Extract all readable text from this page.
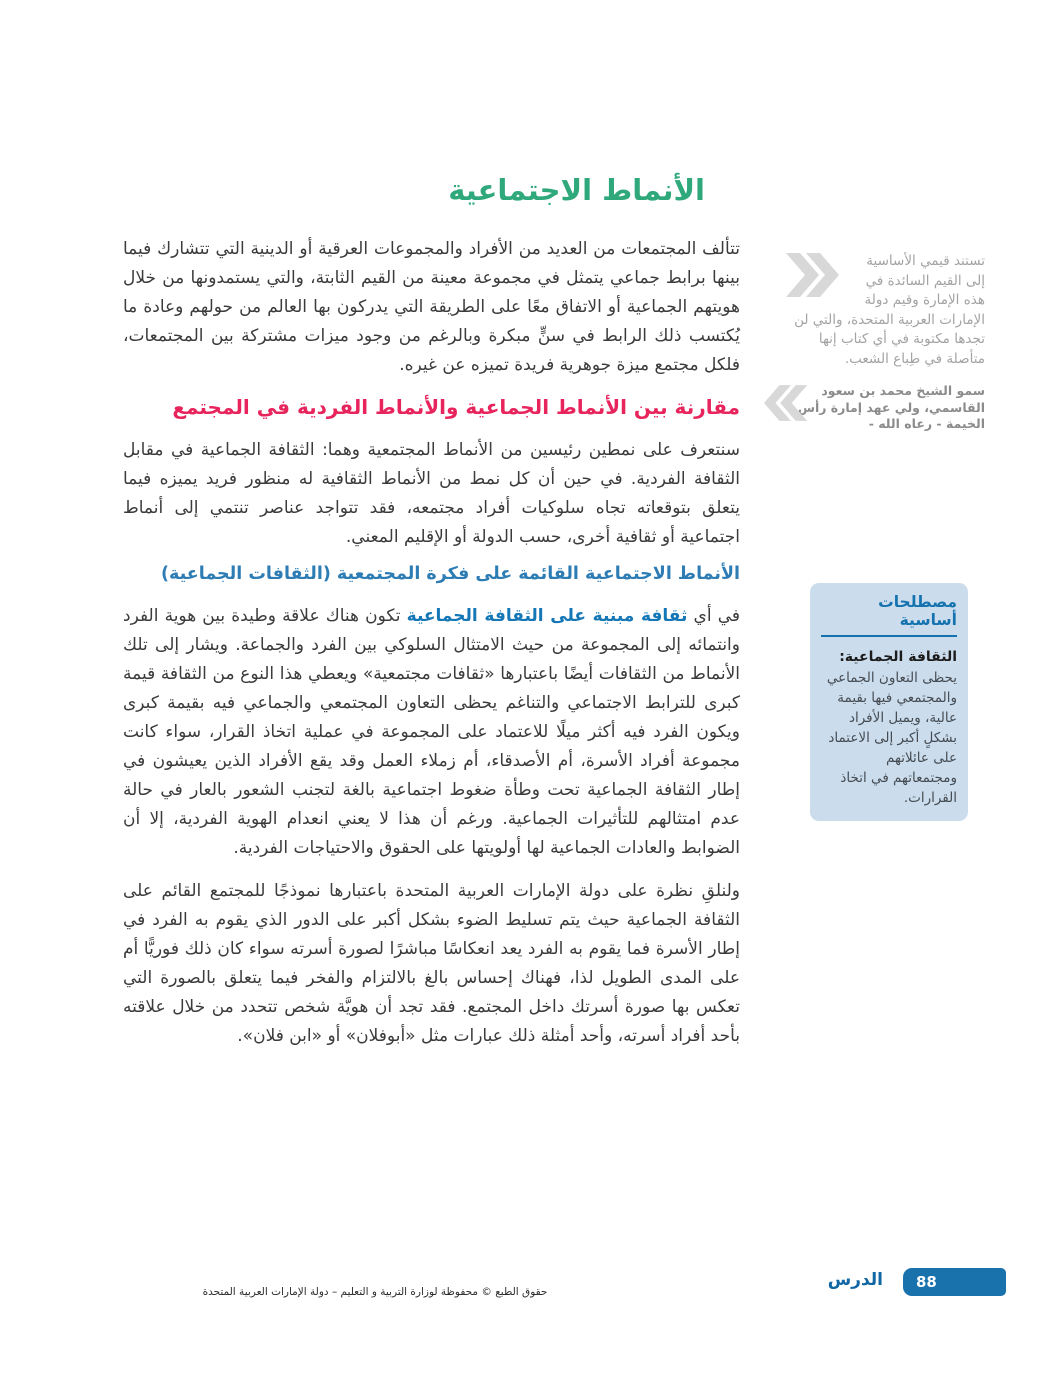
الأنماط الاجتماعية

تتألف المجتمعات من العديد من الأفراد والمجموعات العرقية أو الدينية التي تتشارك فيما بينها برابط جماعي يتمثل في مجموعة معينة من القيم الثابتة، والتي يستمدونها من خلال هويتهم الجماعية أو الاتفاق معًا على الطريقة التي يدركون بها العالم من حولهم وعادة ما يُكتسب ذلك الرابط في سنٍّ مبكرة وبالرغم من وجود ميزات مشتركة بين المجتمعات، فلكل مجتمع ميزة جوهرية فريدة تميزه عن غيره.

مقارنة بين الأنماط الجماعية والأنماط الفردية في المجتمع

سنتعرف على نمطين رئيسين من الأنماط المجتمعية وهما: الثقافة الجماعية في مقابل الثقافة الفردية. في حين أن كل نمط من الأنماط الثقافية له منظور فريد يميزه فيما يتعلق بتوقعاته تجاه سلوكيات أفراد مجتمعه، فقد تتواجد عناصر تنتمي إلى أنماط اجتماعية أو ثقافية أخرى، حسب الدولة أو الإقليم المعني.

الأنماط الاجتماعية القائمة على فكرة المجتمعية (الثقافات الجماعية)

في أي ثقافة مبنية على الثقافة الجماعية تكون هناك علاقة وطيدة بين هوية الفرد وانتمائه إلى المجموعة من حيث الامتثال السلوكي بين الفرد والجماعة. ويشار إلى تلك الأنماط من الثقافات أيضًا باعتبارها «ثقافات مجتمعية» ويعطي هذا النوع من الثقافة قيمة كبرى للترابط الاجتماعي والتناغم يحظى التعاون المجتمعي والجماعي فيه بقيمة كبرى ويكون الفرد فيه أكثر ميلًا للاعتماد على المجموعة في عملية اتخاذ القرار، سواء كانت مجموعة أفراد الأسرة، أم الأصدقاء، أم زملاء العمل وقد يقع الأفراد الذين يعيشون في إطار الثقافة الجماعية تحت وطأة ضغوط اجتماعية بالغة لتجنب الشعور بالعار في حالة عدم امتثالهم للتأثيرات الجماعية. ورغم أن هذا لا يعني انعدام الهوية الفردية، إلا أن الضوابط والعادات الجماعية لها أولويتها على الحقوق والاحتياجات الفردية.

ولنلقِ نظرة على دولة الإمارات العربية المتحدة باعتبارها نموذجًا للمجتمع القائم على الثقافة الجماعية حيث يتم تسليط الضوء بشكل أكبر على الدور الذي يقوم به الفرد في إطار الأسرة فما يقوم به الفرد يعد انعكاسًا مباشرًا لصورة أسرته سواء كان ذلك فوريًّا أم على المدى الطويل لذا، فهناك إحساس بالغ بالالتزام والفخر فيما يتعلق بالصورة التي تعكس بها صورة أسرتك داخل المجتمع. فقد تجد أن هويَّة شخص تتحدد من خلال علاقته بأحد أفراد أسرته، وأحد أمثلة ذلك عبارات مثل «أبوفلان» أو «ابن فلان».

تستند قيمي الأساسية إلى القيم السائدة في هذه الإمارة وقيم دولة الإمارات العربية المتحدة، والتي لن تجدها مكتوبة في أي كتاب إنها متأصلة في طِباع الشعب.
سمو الشيخ محمد بن سعود القاسمي، ولي عهد إمارة رأس الخيمة - رعاه الله -
مصطلحات أساسية
الثقافة الجماعية:
يحظى التعاون الجماعي والمجتمعي فيها بقيمة عالية، ويميل الأفراد بشكلٍ أكبر إلى الاعتماد على عائلاتهم ومجتمعاتهم في اتخاذ القرارات.
الدرس	88
حقوق الطبع © محفوظة لوزارة التربية و التعليم – دولة الإمارات العربية المتحدة
